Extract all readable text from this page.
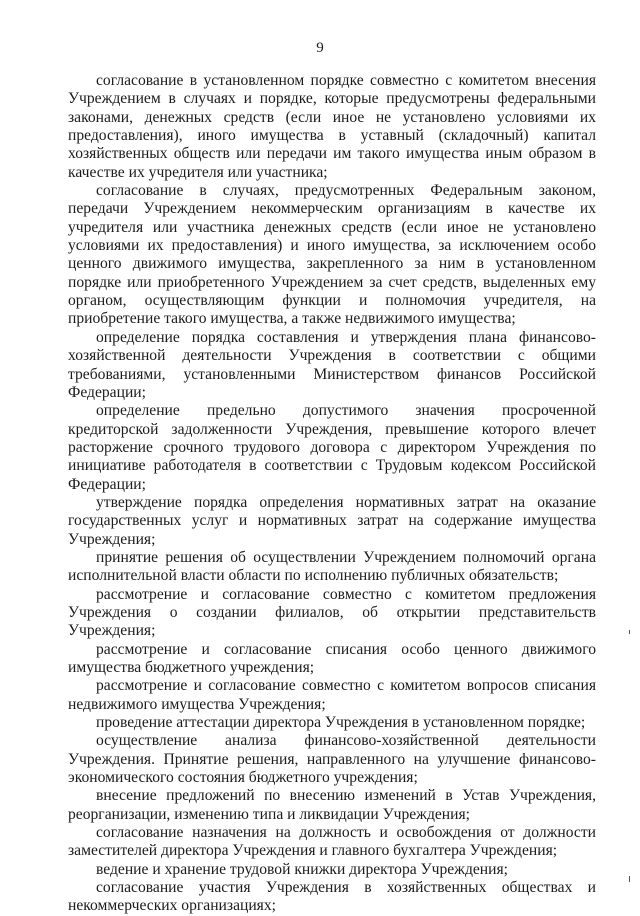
9

согласование в установленном порядке совместно с комитетом внесения Учреждением в случаях и порядке, которые предусмотрены федеральными законами, денежных средств (если иное не установлено условиями их предоставления), иного имущества в уставный (складочный) капитал хозяйственных обществ или передачи им такого имущества иным образом в качестве их учредителя или участника;

согласование в случаях, предусмотренных Федеральным законом, передачи Учреждением некоммерческим организациям в качестве их учредителя или участника денежных средств (если иное не установлено условиями их предоставления) и иного имущества, за исключением особо ценного движимого имущества, закрепленного за ним в установленном порядке или приобретенного Учреждением за счет средств, выделенных ему органом, осуществляющим функции и полномочия учредителя, на приобретение такого имущества, а также недвижимого имущества;

определение порядка составления и утверждения плана финансово-хозяйственной деятельности Учреждения в соответствии с общими требованиями, установленными Министерством финансов Российской Федерации;

определение предельно допустимого значения просроченной кредиторской задолженности Учреждения, превышение которого влечет расторжение срочного трудового договора с директором Учреждения по инициативе работодателя в соответствии с Трудовым кодексом Российской Федерации;

утверждение порядка определения нормативных затрат на оказание государственных услуг и нормативных затрат на содержание имущества Учреждения;

принятие решения об осуществлении Учреждением полномочий органа исполнительной власти области по исполнению публичных обязательств;

рассмотрение и согласование совместно с комитетом предложения Учреждения о создании филиалов, об открытии представительств Учреждения;

рассмотрение и согласование списания особо ценного движимого имущества бюджетного учреждения;

рассмотрение и согласование совместно с комитетом вопросов списания недвижимого имущества Учреждения;

проведение аттестации директора Учреждения в установленном порядке;

осуществление анализа финансово-хозяйственной деятельности Учреждения. Принятие решения, направленного на улучшение финансово-экономического состояния бюджетного учреждения;

внесение предложений по внесению изменений в Устав Учреждения, реорганизации, изменению типа и ликвидации Учреждения;

согласование назначения на должность и освобождения от должности заместителей директора Учреждения и главного бухгалтера Учреждения;

ведение и хранение трудовой книжки директора Учреждения;

согласование участия Учреждения в хозяйственных обществах и некоммерческих организациях;
